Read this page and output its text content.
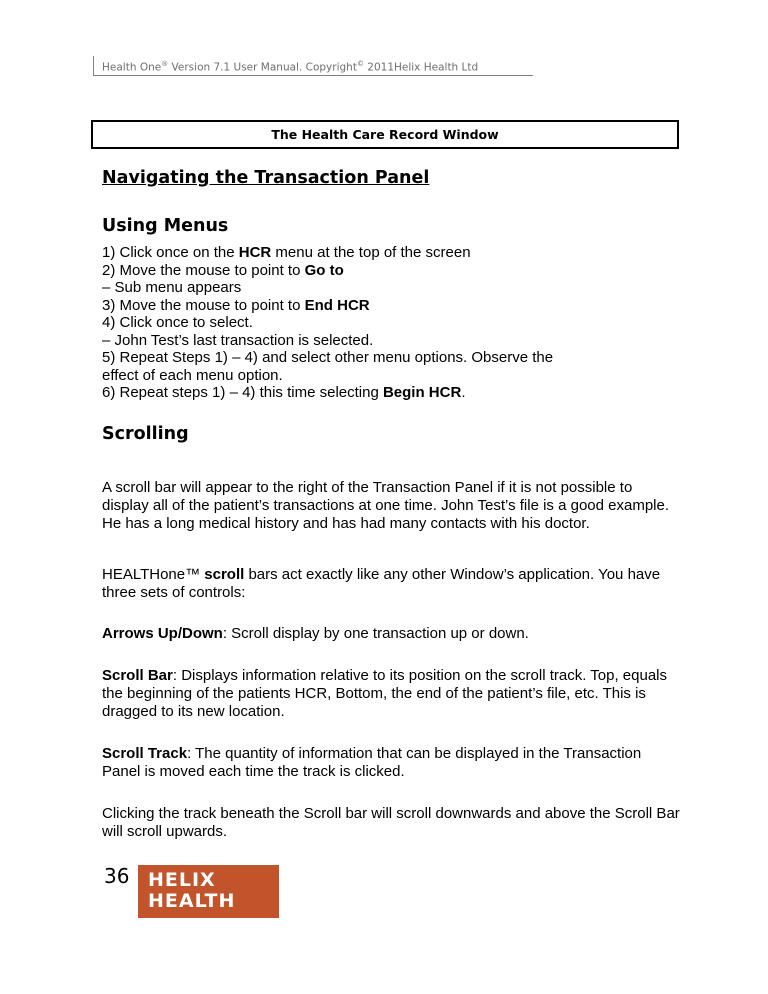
Health One® Version 7.1 User Manual. Copyright© 2011Helix Health Ltd
The Health Care Record Window
Navigating the Transaction Panel
Using Menus
1) Click once on the HCR menu at the top of the screen
2) Move the mouse to point to Go to
– Sub menu appears
3) Move the mouse to point to End HCR
4) Click once to select.
– John Test’s last transaction is selected.
5) Repeat Steps 1) – 4) and select other menu options. Observe the
effect of each menu option.
6) Repeat steps 1) – 4) this time selecting Begin HCR.
Scrolling

A scroll bar will appear to the right of the Transaction Panel if it is not possible to display all of the patient’s transactions at one time. John Test’s file is a good example. He has a long medical history and has had many contacts with his doctor.

HEALTHone™ scroll bars act exactly like any other Window’s application. You have three sets of controls:

Arrows Up/Down: Scroll display by one transaction up or down.

Scroll Bar: Displays information relative to its position on the scroll track. Top, equals the beginning of the patients HCR, Bottom, the end of the patient’s file, etc. This is dragged to its new location.

Scroll Track: The quantity of information that can be displayed in the Transaction Panel is moved each time the track is clicked.

Clicking the track beneath the Scroll bar will scroll downwards and above the Scroll Bar will scroll upwards.

36 HELIX
HEALTH
